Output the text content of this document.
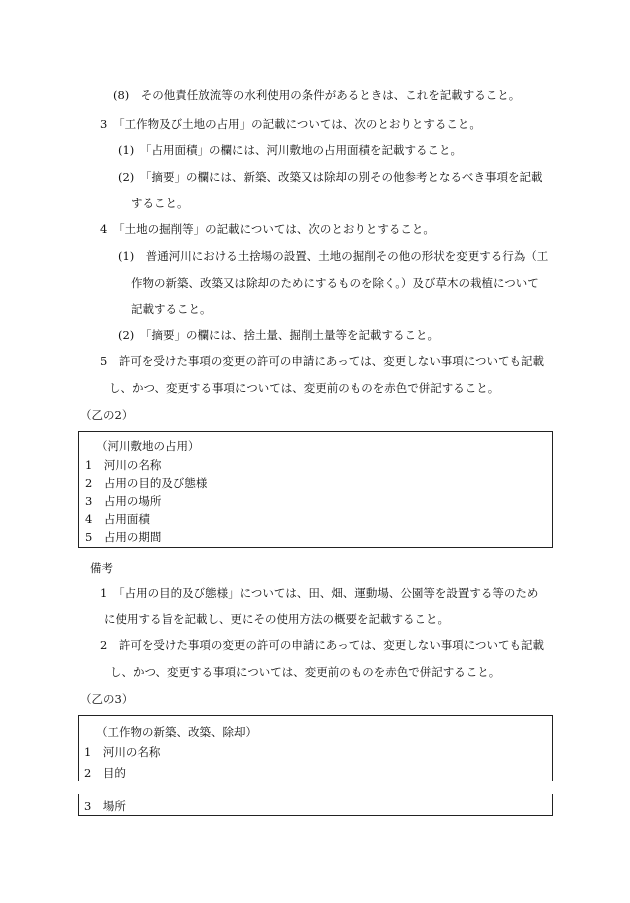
(8)　その他責任放流等の水利使用の条件があるときは、これを記載すること。
3　「工作物及び土地の占用」の記載については、次のとおりとすること。
(1)　「占用面積」の欄には、河川敷地の占用面積を記載すること。
(2)　「摘要」の欄には、新築、改築又は除却の別その他参考となるべき事項を記載
すること。
4　「土地の掘削等」の記載については、次のとおりとすること。
(1)　普通河川における土捨場の設置、土地の掘削その他の形状を変更する行為（工
作物の新築、改築又は除却のためにするものを除く。）及び草木の栽植について
記載すること。
(2)　「摘要」の欄には、捨土量、掘削土量等を記載すること。
5　許可を受けた事項の変更の許可の申請にあっては、変更しない事項についても記載
し、かつ、変更する事項については、変更前のものを赤色で併記すること。
（乙の2）
（河川敷地の占用）
1　河川の名称
2　占用の目的及び態様
3　占用の場所
4　占用面積
5　占用の期間
備考
1　「占用の目的及び態様」については、田、畑、運動場、公園等を設置する等のため
に使用する旨を記載し、更にその使用方法の概要を記載すること。
2　許可を受けた事項の変更の許可の申請にあっては、変更しない事項についても記載
し、かつ、変更する事項については、変更前のものを赤色で併記すること。
（乙の3）
（工作物の新築、改築、除却）
1　河川の名称
2　目的
3　場所
